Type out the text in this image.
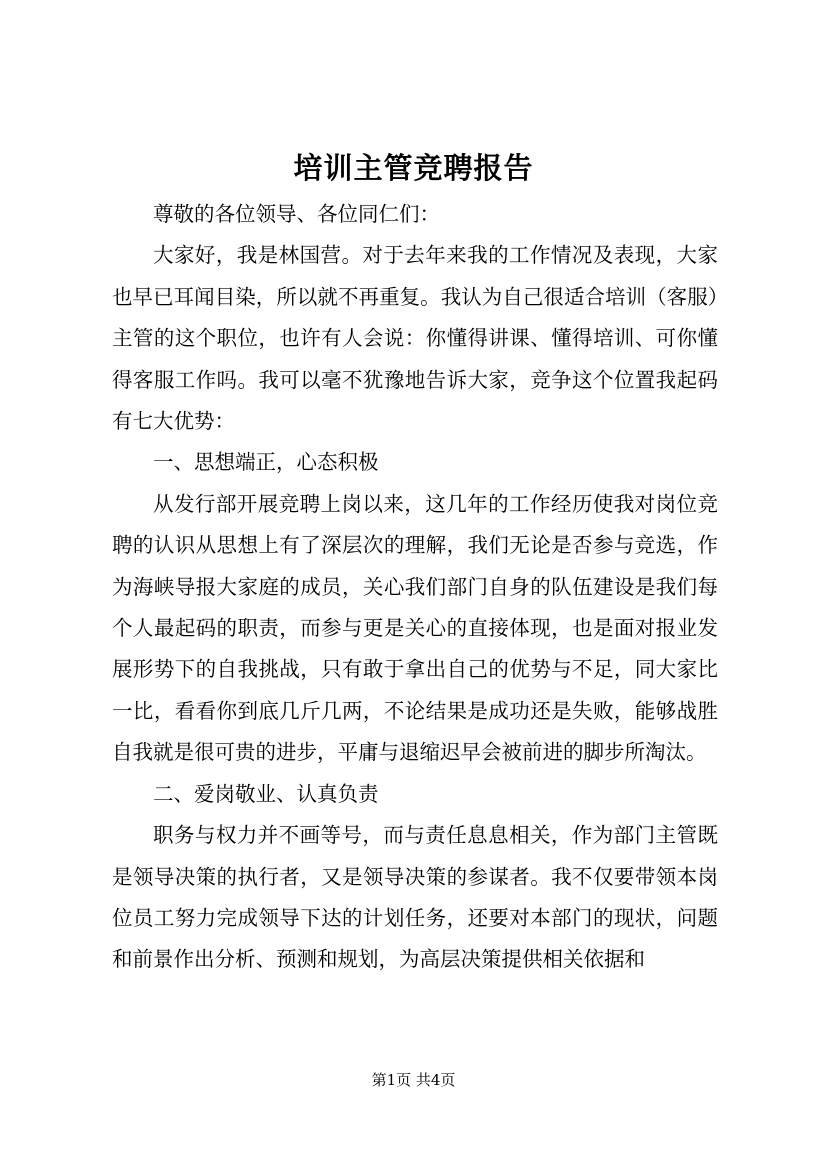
培训主管竞聘报告

尊敬的各位领导、各位同仁们：

大家好，我是林国营。对于去年来我的工作情况及表现，大家也早已耳闻目染，所以就不再重复。我认为自己很适合培训（客服）主管的这个职位，也许有人会说：你懂得讲课、懂得培训、可你懂得客服工作吗。我可以毫不犹豫地告诉大家，竞争这个位置我起码有七大优势：

一、思想端正，心态积极

从发行部开展竞聘上岗以来，这几年的工作经历使我对岗位竞聘的认识从思想上有了深层次的理解，我们无论是否参与竞选，作为海峡导报大家庭的成员，关心我们部门自身的队伍建设是我们每个人最起码的职责，而参与更是关心的直接体现，也是面对报业发展形势下的自我挑战，只有敢于拿出自己的优势与不足，同大家比一比，看看你到底几斤几两，不论结果是成功还是失败，能够战胜自我就是很可贵的进步，平庸与退缩迟早会被前进的脚步所淘汰。

二、爱岗敬业、认真负责

职务与权力并不画等号，而与责任息息相关，作为部门主管既是领导决策的执行者，又是领导决策的参谋者。我不仅要带领本岗位员工努力完成领导下达的计划任务，还要对本部门的现状，问题和前景作出分析、预测和规划，为高层决策提供相关依据和

第1页 共4页
